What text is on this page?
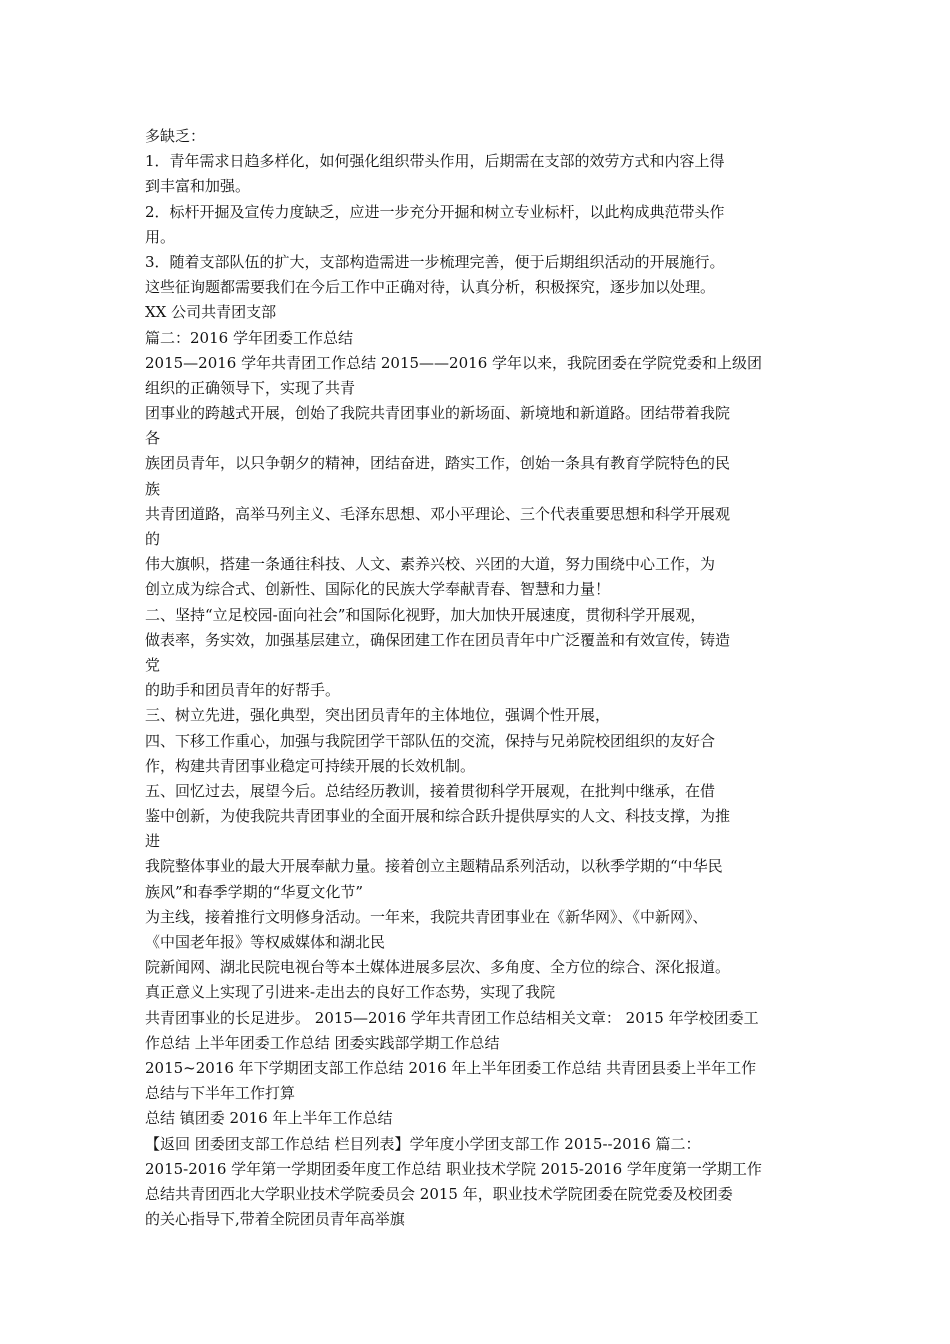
多缺乏：
1．青年需求日趋多样化，如何强化组织带头作用，后期需在支部的效劳方式和内容上得
到丰富和加强。
2．标杆开掘及宣传力度缺乏，应进一步充分开掘和树立专业标杆，以此构成典范带头作
用。
3．随着支部队伍的扩大，支部构造需进一步梳理完善，便于后期组织活动的开展施行。
这些征询题都需要我们在今后工作中正确对待，认真分析，积极探究，逐步加以处理。
XX 公司共青团支部
篇二：2016 学年团委工作总结
2015—2016 学年共青团工作总结 2015——2016 学年以来，我院团委在学院党委和上级团
组织的正确领导下，实现了共青
团事业的跨越式开展，创始了我院共青团事业的新场面、新境地和新道路。团结带着我院
各
族团员青年，以只争朝夕的精神，团结奋进，踏实工作，创始一条具有教育学院特色的民
族
共青团道路，高举马列主义、毛泽东思想、邓小平理论、三个代表重要思想和科学开展观
的
伟大旗帜，搭建一条通往科技、人文、素养兴校、兴团的大道，努力围绕中心工作，为
创立成为综合式、创新性、国际化的民族大学奉献青春、智慧和力量！
二、坚持“立足校园-面向社会”和国际化视野，加大加快开展速度，贯彻科学开展观，
做表率，务实效，加强基层建立，确保团建工作在团员青年中广泛覆盖和有效宣传，铸造
党
的助手和团员青年的好帮手。
三、树立先进，强化典型，突出团员青年的主体地位，强调个性开展，
四、下移工作重心，加强与我院团学干部队伍的交流，保持与兄弟院校团组织的友好合
作，构建共青团事业稳定可持续开展的长效机制。
五、回忆过去，展望今后。总结经历教训，接着贯彻科学开展观，在批判中继承，在借
鉴中创新，为使我院共青团事业的全面开展和综合跃升提供厚实的人文、科技支撑，为推
进
我院整体事业的最大开展奉献力量。接着创立主题精品系列活动，以秋季学期的“中华民
族风”和春季学期的“华夏文化节”
为主线，接着推行文明修身活动。一年来，我院共青团事业在《新华网》、《中新网》、
《中国老年报》等权威媒体和湖北民
院新闻网、湖北民院电视台等本土媒体进展多层次、多角度、全方位的综合、深化报道。
真正意义上实现了引进来-走出去的良好工作态势，实现了我院
共青团事业的长足进步。 2015—2016 学年共青团工作总结相关文章： 2015 年学校团委工
作总结 上半年团委工作总结 团委实践部学期工作总结
2015~2016 年下学期团支部工作总结 2016 年上半年团委工作总结 共青团县委上半年工作
总结与下半年工作打算
总结 镇团委 2016 年上半年工作总结
【返回 团委团支部工作总结 栏目列表】学年度小学团支部工作 2015--2016 篇二：
2015-2016 学年第一学期团委年度工作总结 职业技术学院 2015-2016 学年度第一学期工作
总结共青团西北大学职业技术学院委员会 2015 年，职业技术学院团委在院党委及校团委
的关心指导下,带着全院团员青年高举旗
